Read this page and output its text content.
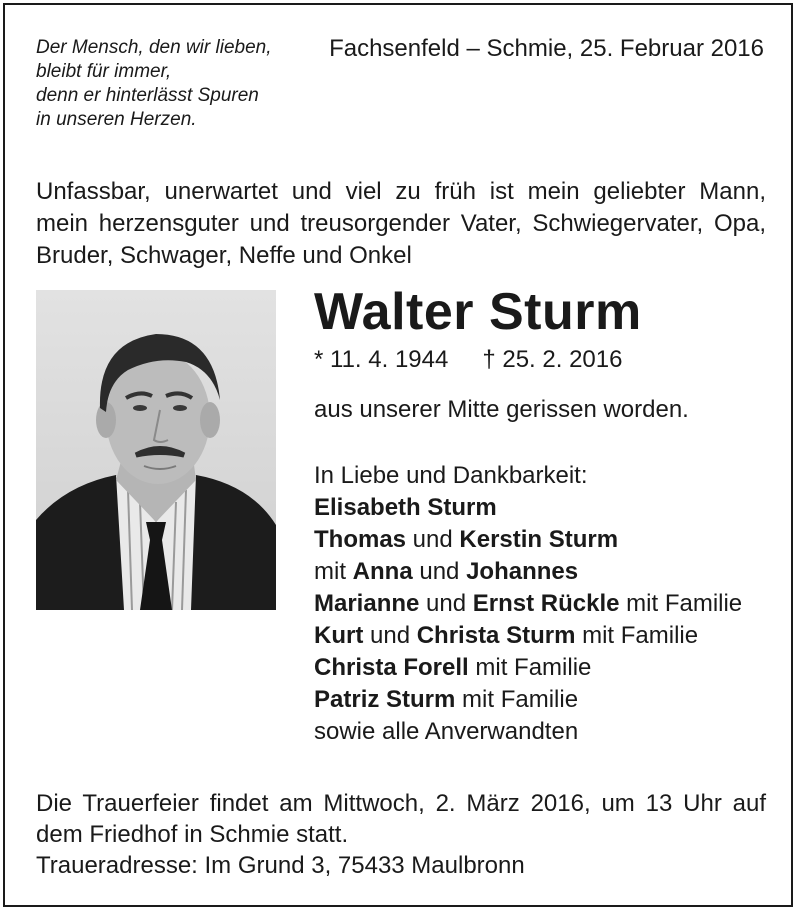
Der Mensch, den wir lieben,
bleibt für immer,
denn er hinterlässt Spuren
in unseren Herzen.
Fachsenfeld – Schmie, 25. Februar 2016
Unfassbar, unerwartet und viel zu früh ist mein geliebter Mann,
mein herzensguter und treusorgender Vater, Schwiegervater, Opa,
Bruder, Schwager, Neffe und Onkel
Walter Sturm
* 11. 4. 1944 † 25. 2. 2016
aus unserer Mitte gerissen worden.
In Liebe und Dankbarkeit:
Elisabeth Sturm
Thomas und Kerstin Sturm
mit Anna und Johannes
Marianne und Ernst Rückle mit Familie
Kurt und Christa Sturm mit Familie
Christa Forell mit Familie
Patriz Sturm mit Familie
sowie alle Anverwandten
Die Trauerfeier findet am Mittwoch, 2. März 2016, um 13 Uhr auf
dem Friedhof in Schmie statt.
Traueradresse: Im Grund 3, 75433 Maulbronn
